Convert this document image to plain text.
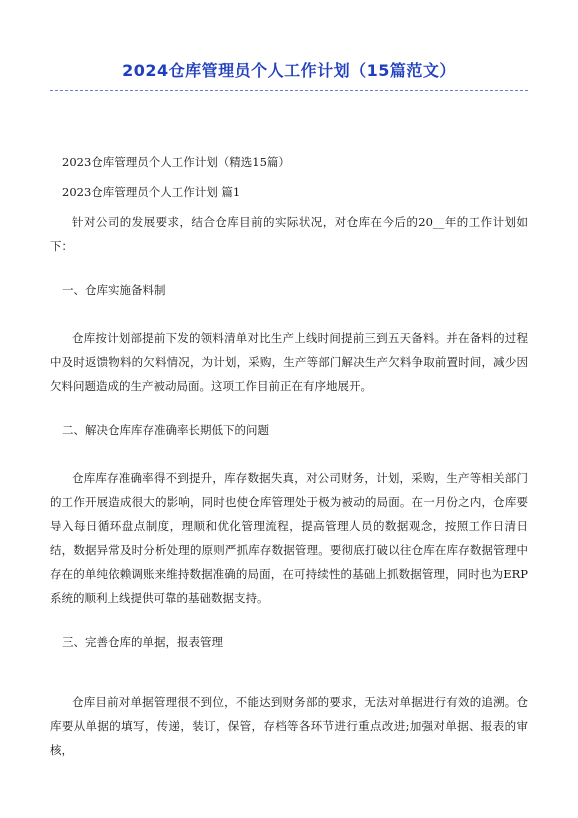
2024仓库管理员个人工作计划（15篇范文）

2023仓库管理员个人工作计划（精选15篇）

2023仓库管理员个人工作计划 篇1

针对公司的发展要求，结合仓库目前的实际状况，对仓库在今后的20__年的工作计划如下：

一、仓库实施备料制

仓库按计划部提前下发的领料清单对比生产上线时间提前三到五天备料。并在备料的过程中及时返馈物料的欠料情况，为计划，采购，生产等部门解决生产欠料争取前置时间，减少因欠料问题造成的生产被动局面。这项工作目前正在有序地展开。

二、解决仓库库存准确率长期低下的问题

仓库库存准确率得不到提升，库存数据失真，对公司财务，计划，采购，生产等相关部门的工作开展造成很大的影响，同时也使仓库管理处于极为被动的局面。在一月份之内，仓库要导入每日循环盘点制度，理顺和优化管理流程，提高管理人员的数据观念，按照工作日清日结，数据异常及时分析处理的原则严抓库存数据管理。要彻底打破以往仓库在库存数据管理中存在的单纯依赖调账来维持数据准确的局面，在可持续性的基础上抓数据管理，同时也为ERP系统的顺利上线提供可靠的基础数据支持。

三、完善仓库的单据，报表管理

仓库目前对单据管理很不到位，不能达到财务部的要求，无法对单据进行有效的追溯。仓库要从单据的填写，传递，装订，保管，存档等各环节进行重点改进;加强对单据、报表的审核，
